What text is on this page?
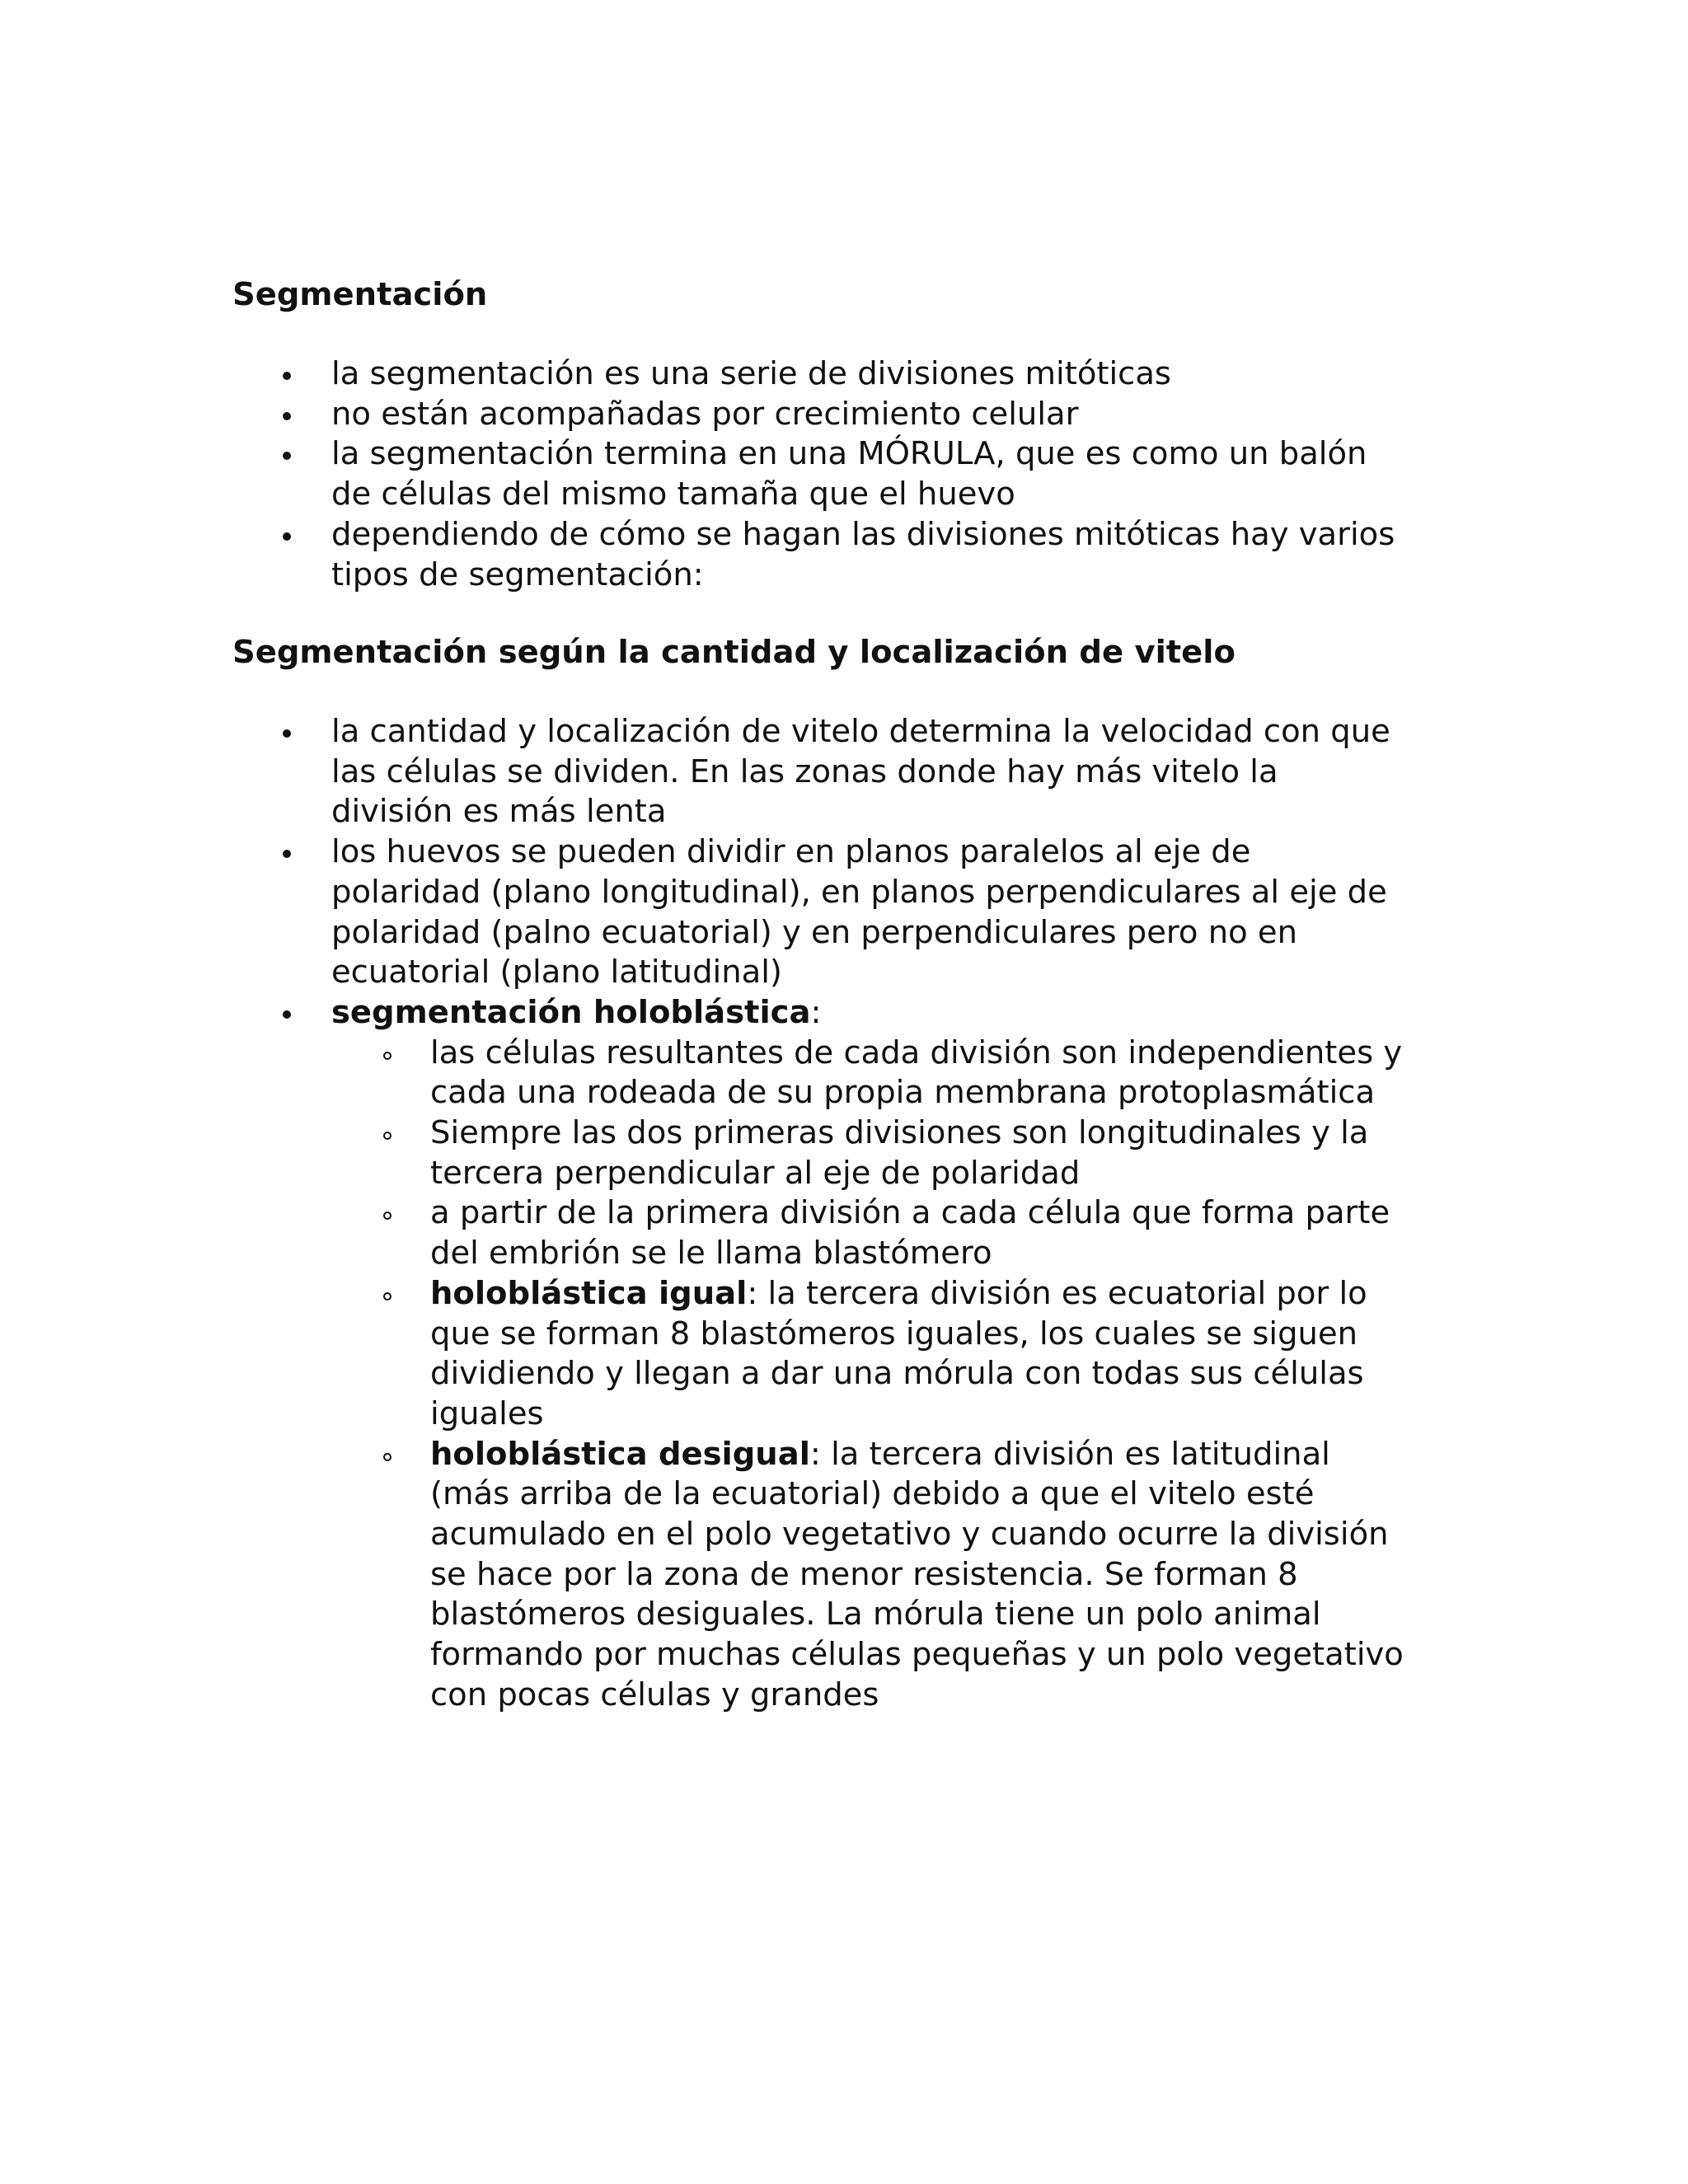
Segmentación
la segmentación es una serie de divisiones mitóticas
no están acompañadas por crecimiento celular
la segmentación termina en una MÓRULA, que es como un balón
de células del mismo tamaña que el huevo
dependiendo de cómo se hagan las divisiones mitóticas hay varios
tipos de segmentación:
Segmentación según la cantidad y localización de vitelo
la cantidad y localización de vitelo determina la velocidad con que
las células se dividen. En las zonas donde hay más vitelo la
división es más lenta
los huevos se pueden dividir en planos paralelos al eje de
polaridad (plano longitudinal), en planos perpendiculares al eje de
polaridad (palno ecuatorial) y en perpendiculares pero no en
ecuatorial (plano latitudinal)
segmentación holoblástica:
las células resultantes de cada división son independientes y
cada una rodeada de su propia membrana protoplasmática
Siempre las dos primeras divisiones son longitudinales y la
tercera perpendicular al eje de polaridad
a partir de la primera división a cada célula que forma parte
del embrión se le llama blastómero
holoblástica igual: la tercera división es ecuatorial por lo
que se forman 8 blastómeros iguales, los cuales se siguen
dividiendo y llegan a dar una mórula con todas sus células
iguales
holoblástica desigual: la tercera división es latitudinal
(más arriba de la ecuatorial) debido a que el vitelo esté
acumulado en el polo vegetativo y cuando ocurre la división
se hace por la zona de menor resistencia. Se forman 8
blastómeros desiguales. La mórula tiene un polo animal
formando por muchas células pequeñas y un polo vegetativo
con pocas células y grandes
